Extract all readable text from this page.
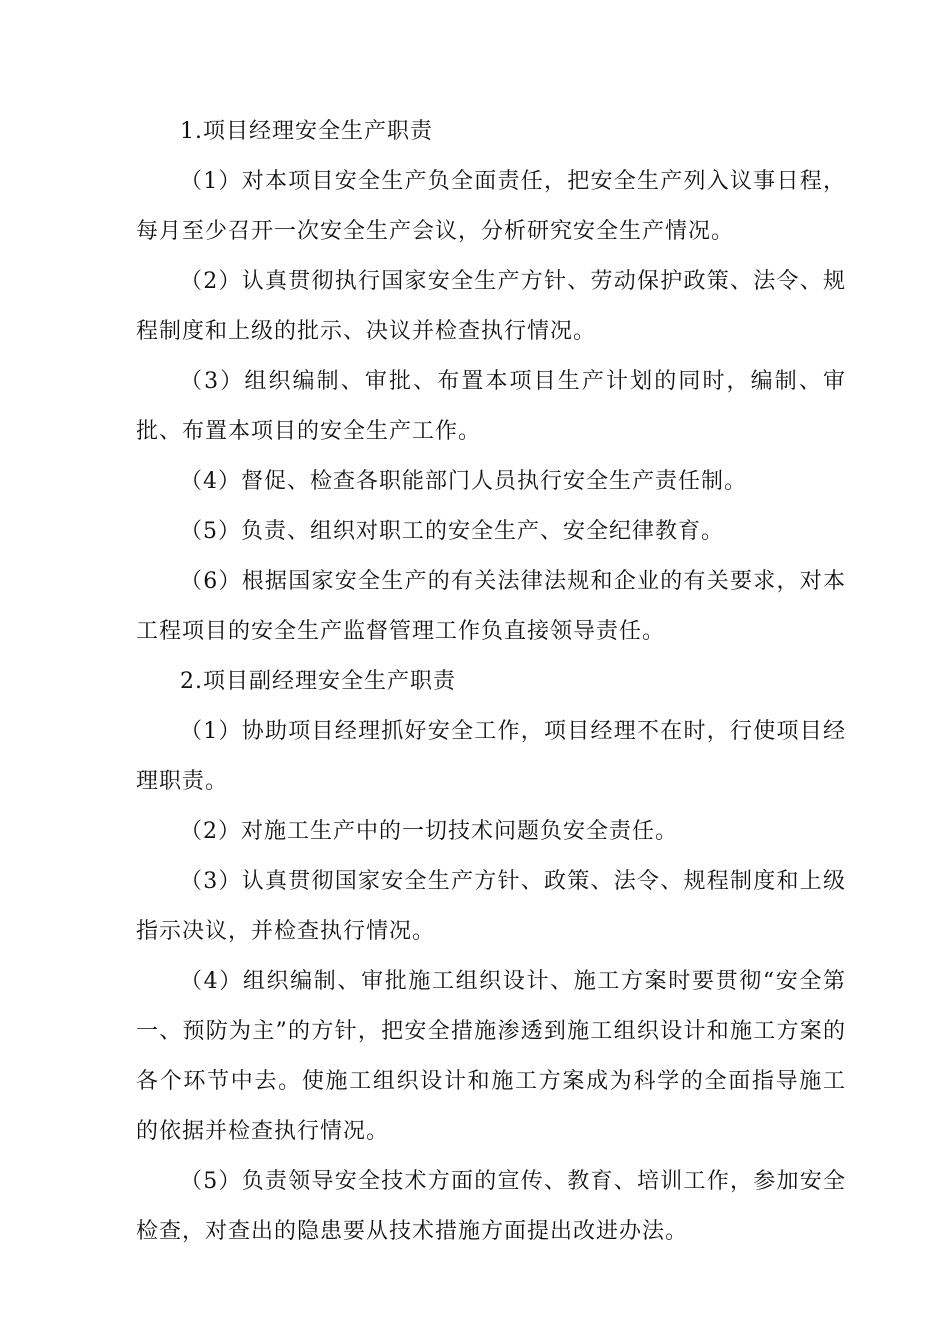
1.项目经理安全生产职责

（1）对本项目安全生产负全面责任，把安全生产列入议事日程，每月至少召开一次安全生产会议，分析研究安全生产情况。

（2）认真贯彻执行国家安全生产方针、劳动保护政策、法令、规程制度和上级的批示、决议并检查执行情况。

（3）组织编制、审批、布置本项目生产计划的同时，编制、审批、布置本项目的安全生产工作。

（4）督促、检查各职能部门人员执行安全生产责任制。

（5）负责、组织对职工的安全生产、安全纪律教育。

（6）根据国家安全生产的有关法律法规和企业的有关要求，对本工程项目的安全生产监督管理工作负直接领导责任。

2.项目副经理安全生产职责

（1）协助项目经理抓好安全工作，项目经理不在时，行使项目经理职责。

（2）对施工生产中的一切技术问题负安全责任。

（3）认真贯彻国家安全生产方针、政策、法令、规程制度和上级指示决议，并检查执行情况。

（4）组织编制、审批施工组织设计、施工方案时要贯彻“安全第一、预防为主”的方针，把安全措施渗透到施工组织设计和施工方案的各个环节中去。使施工组织设计和施工方案成为科学的全面指导施工的依据并检查执行情况。

（5）负责领导安全技术方面的宣传、教育、培训工作，参加安全检查，对查出的隐患要从技术措施方面提出改进办法。
